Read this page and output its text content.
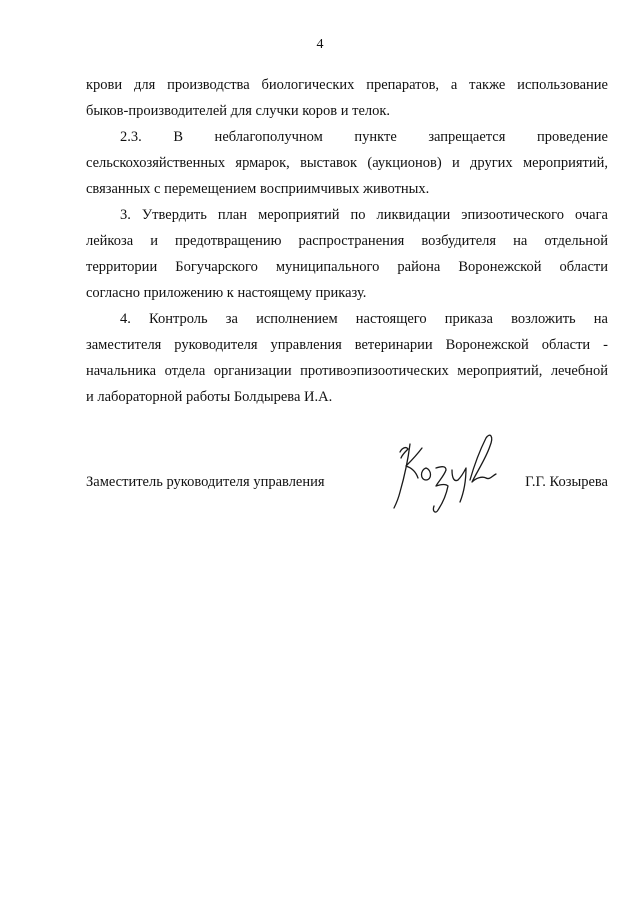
4
крови для производства биологических препаратов, а также использование
быков-производителей для случки коров и телок.
2.3.     В     неблагополучном     пункте     запрещается     проведение
сельскохозяйственных ярмарок, выставок (аукционов) и других мероприятий,
связанных с перемещением восприимчивых животных.
3. Утвердить план мероприятий по ликвидации эпизоотического очага
лейкоза и предотвращению распространения возбудителя на отдельной
территории Богучарского муниципального района Воронежской области
согласно приложению к настоящему приказу.
4. Контроль за исполнением настоящего приказа возложить на
заместителя руководителя управления ветеринарии Воронежской области -
начальника отдела организации противоэпизоотических мероприятий, лечебной
и лабораторной работы Болдырева И.А.
Заместитель руководителя управления	Г.Г. Козырева
